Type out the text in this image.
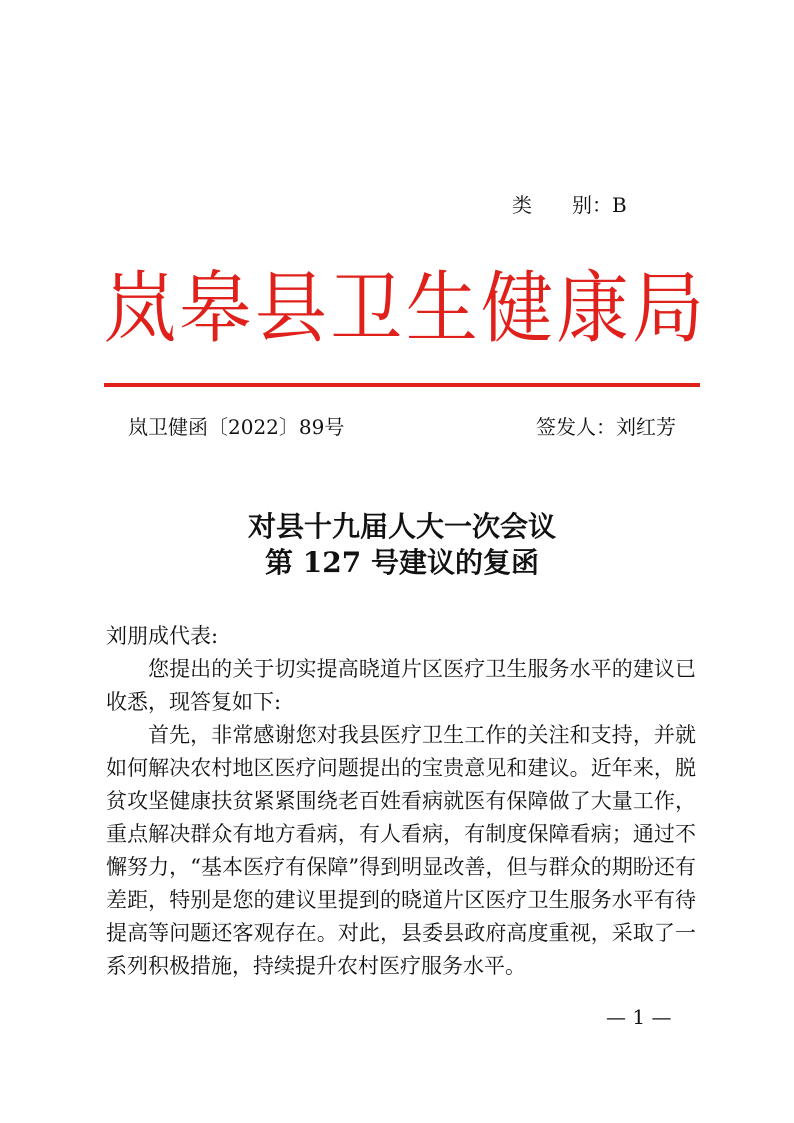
类　　别：B
岚 皋 县 卫 生 健 康 局
岚卫健函〔2022〕89号	签发人：刘红芳
对县十九届人大一次会议
第 127 号建议的复函

刘朋成代表:

您提出的关于切实提高晓道片区医疗卫生服务水平的建议已收悉，现答复如下:

首先，非常感谢您对我县医疗卫生工作的关注和支持，并就如何解决农村地区医疗问题提出的宝贵意见和建议。近年来，脱贫攻坚健康扶贫紧紧围绕老百姓看病就医有保障做了大量工作，重点解决群众有地方看病，有人看病，有制度保障看病；通过不懈努力，“基本医疗有保障”得到明显改善，但与群众的期盼还有差距，特别是您的建议里提到的晓道片区医疗卫生服务水平有待提高等问题还客观存在。对此，县委县政府高度重视，采取了一系列积极措施，持续提升农村医疗服务水平。

— 1 —
